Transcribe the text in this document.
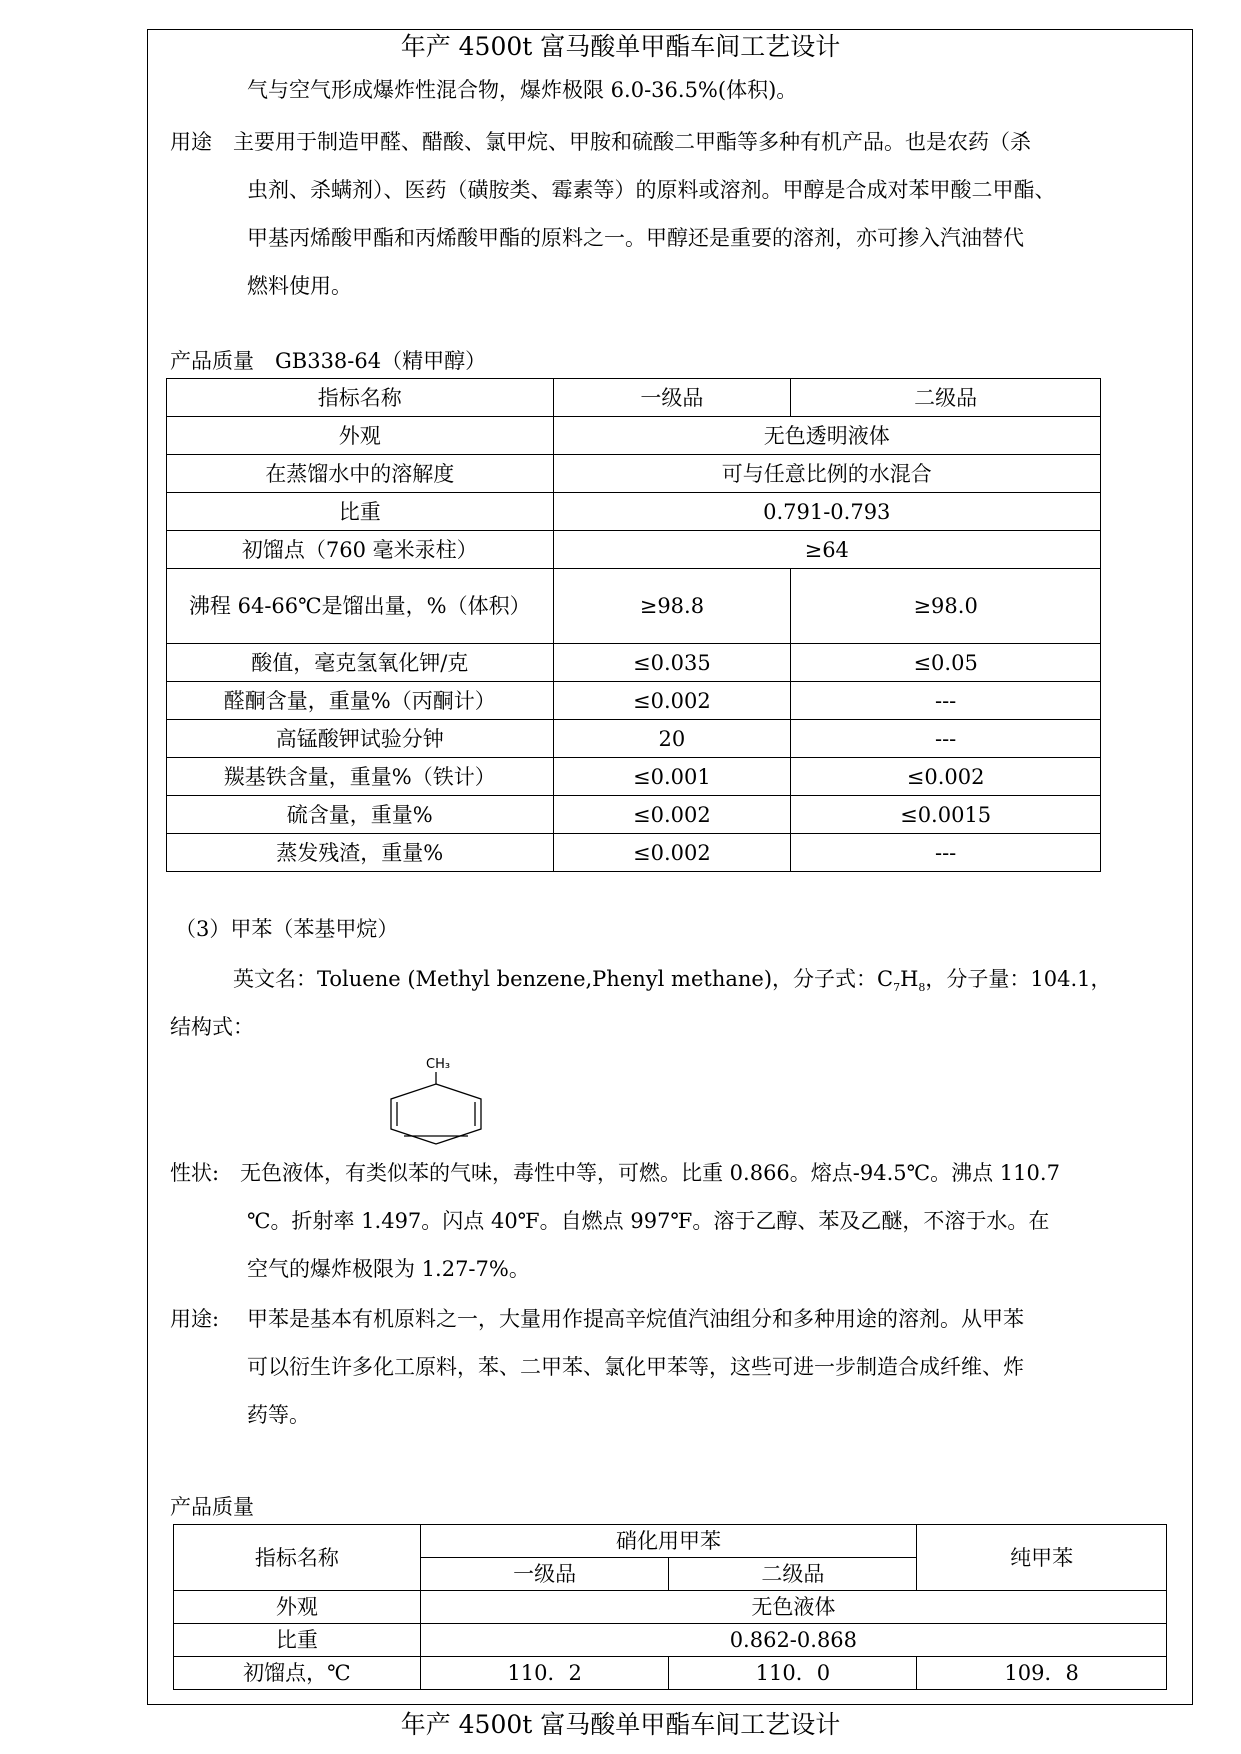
年产 4500t 富马酸单甲酯车间工艺设计
气与空气形成爆炸性混合物，爆炸极限 6.0-36.5%(体积)。
用途 主要用于制造甲醛、醋酸、氯甲烷、甲胺和硫酸二甲酯等多种有机产品。也是农药（杀
虫剂、杀螨剂）、医药（磺胺类、霉素等）的原料或溶剂。甲醇是合成对苯甲酸二甲酯、
甲基丙烯酸甲酯和丙烯酸甲酯的原料之一。甲醇还是重要的溶剂，亦可掺入汽油替代
燃料使用。
产品质量　GB338-64（精甲醇）
指标名称	一级品	二级品
外观	无色透明液体	
在蒸馏水中的溶解度	可与任意比例的水混合	
比重	0.791-0.793	
初馏点（760 毫米汞柱）	≥64	
沸程 64-66℃是馏出量，%（体积）	≥98.8	≥98.0
酸值，毫克氢氧化钾/克	≤0.035	≤0.05
醛酮含量，重量%（丙酮计）	≤0.002	---
高锰酸钾试验分钟	20	---
羰基铁含量，重量%（铁计）	≤0.001	≤0.002
硫含量，重量%	≤0.002	≤0.0015
蒸发残渣，重量%	≤0.002	---
（3）甲苯（苯基甲烷）
英文名：Toluene (Methyl benzene,Phenyl methane)，分子式：$C_7H_8$，分子量：104.1，
结构式：
CH₃
性状: 无色液体，有类似苯的气味，毒性中等，可燃。比重 0.866。熔点-94.5℃。沸点 110.7
℃。折射率 1.497。闪点 40℉。自燃点 997℉。溶于乙醇、苯及乙醚，不溶于水。在
空气的爆炸极限为 1.27-7%。
用途: 甲苯是基本有机原料之一，大量用作提高辛烷值汽油组分和多种用途的溶剂。从甲苯
可以衍生许多化工原料，苯、二甲苯、氯化甲苯等，这些可进一步制造合成纤维、炸
药等。
产品质量
指标名称	硝化用甲苯		纯甲苯
	一级品	二级品	
外观	无色液体		
比重	0.862-0.868		
初馏点，℃	110．2	110．0	109．8
年产 4500t 富马酸单甲酯车间工艺设计
